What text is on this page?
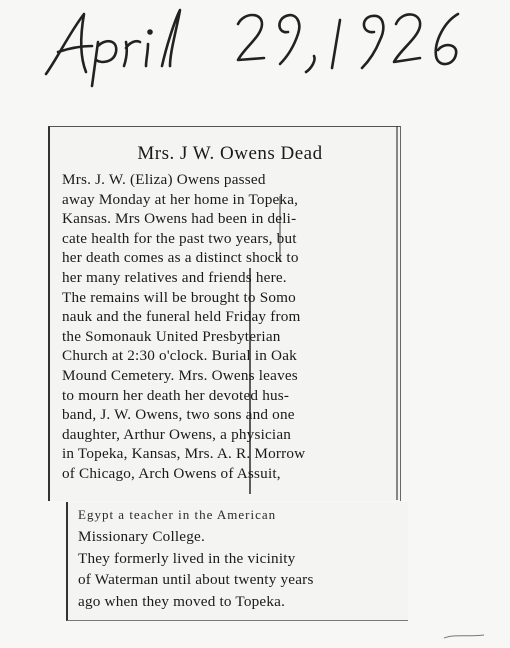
Mrs. J W. Owens Dead
Mrs. J. W. (Eliza) Owens passed
away Monday at her home in Topeka,
Kansas. Mrs Owens had been in deli-
cate health for the past two years, but
her death comes as a distinct shock to
her many relatives and friends here.
The remains will be brought to Somo
nauk and the funeral held Friday from
the Somonauk United Presbyterian
Church at 2:30 o'clock. Burial in Oak
Mound Cemetery. Mrs. Owens leaves
to mourn her death her devoted hus-
band, J. W. Owens, two sons and one
daughter, Arthur Owens, a physician
in Topeka, Kansas, Mrs. A. R. Morrow
of Chicago, Arch Owens of Assuit,
Egypt a teacher in the American
Missionary College.
They formerly lived in the vicinity
of Waterman until about twenty years
ago when they moved to Topeka.
